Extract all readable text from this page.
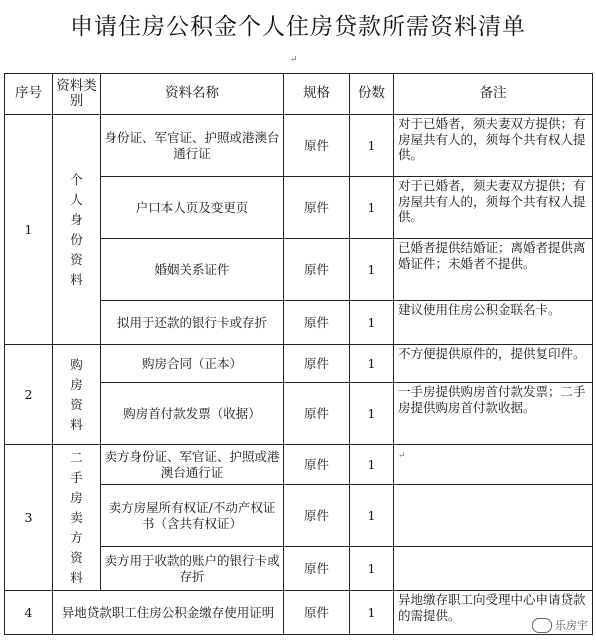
申请住房公积金个人住房贷款所需资料清单
↵
序号	资料类别	资料名称	规格	份数	备注
1	个人身份资料	身份证、军官证、护照或港澳台通行证	原件	1	对于已婚者，须夫妻双方提供；有房屋共有人的，须每个共有权人提供。
		户口本人页及变更页	原件	1	对于已婚者，须夫妻双方提供；有房屋共有人的，须每个共有权人提供。
		婚姻关系证件	原件	1	已婚者提供结婚证；离婚者提供离婚证件；未婚者不提供。
		拟用于还款的银行卡或存折	原件	1	建议使用住房公积金联名卡。
2	购房资料	购房合同（正本）	原件	1	不方便提供原件的，提供复印件。
		购房首付款发票（收据）	原件	1	一手房提供购房首付款发票；二手房提供购房首付款收据。
3	二手房卖方资料	卖方身份证、军官证、护照或港澳台通行证	原件	1	↵
		卖方房屋所有权证/不动产权证书（含共有权证）	原件	1	
		卖方用于收款的账户的银行卡或存折	原件	1	
4	异地贷款职工住房公积金缴存使用证明		原件	1	异地缴存职工向受理中心申请贷款的需提供。
乐房宇
